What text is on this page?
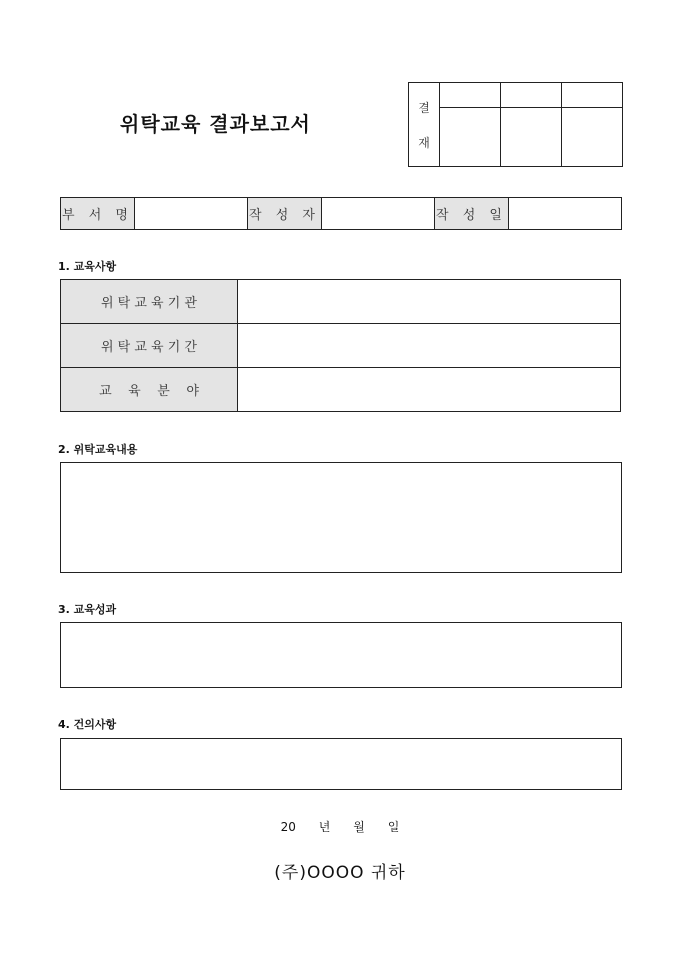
위탁교육 결과보고서
결
재			

부 서 명		작 성 자		작 성 일	
1. 교육사항
위 탁 교 육 기 관	
위 탁 교 육 기 간	
교    육    분    야	
2. 위탁교육내용
3. 교육성과
4. 건의사항
20      년      월      일
(주)OOOO 귀하
